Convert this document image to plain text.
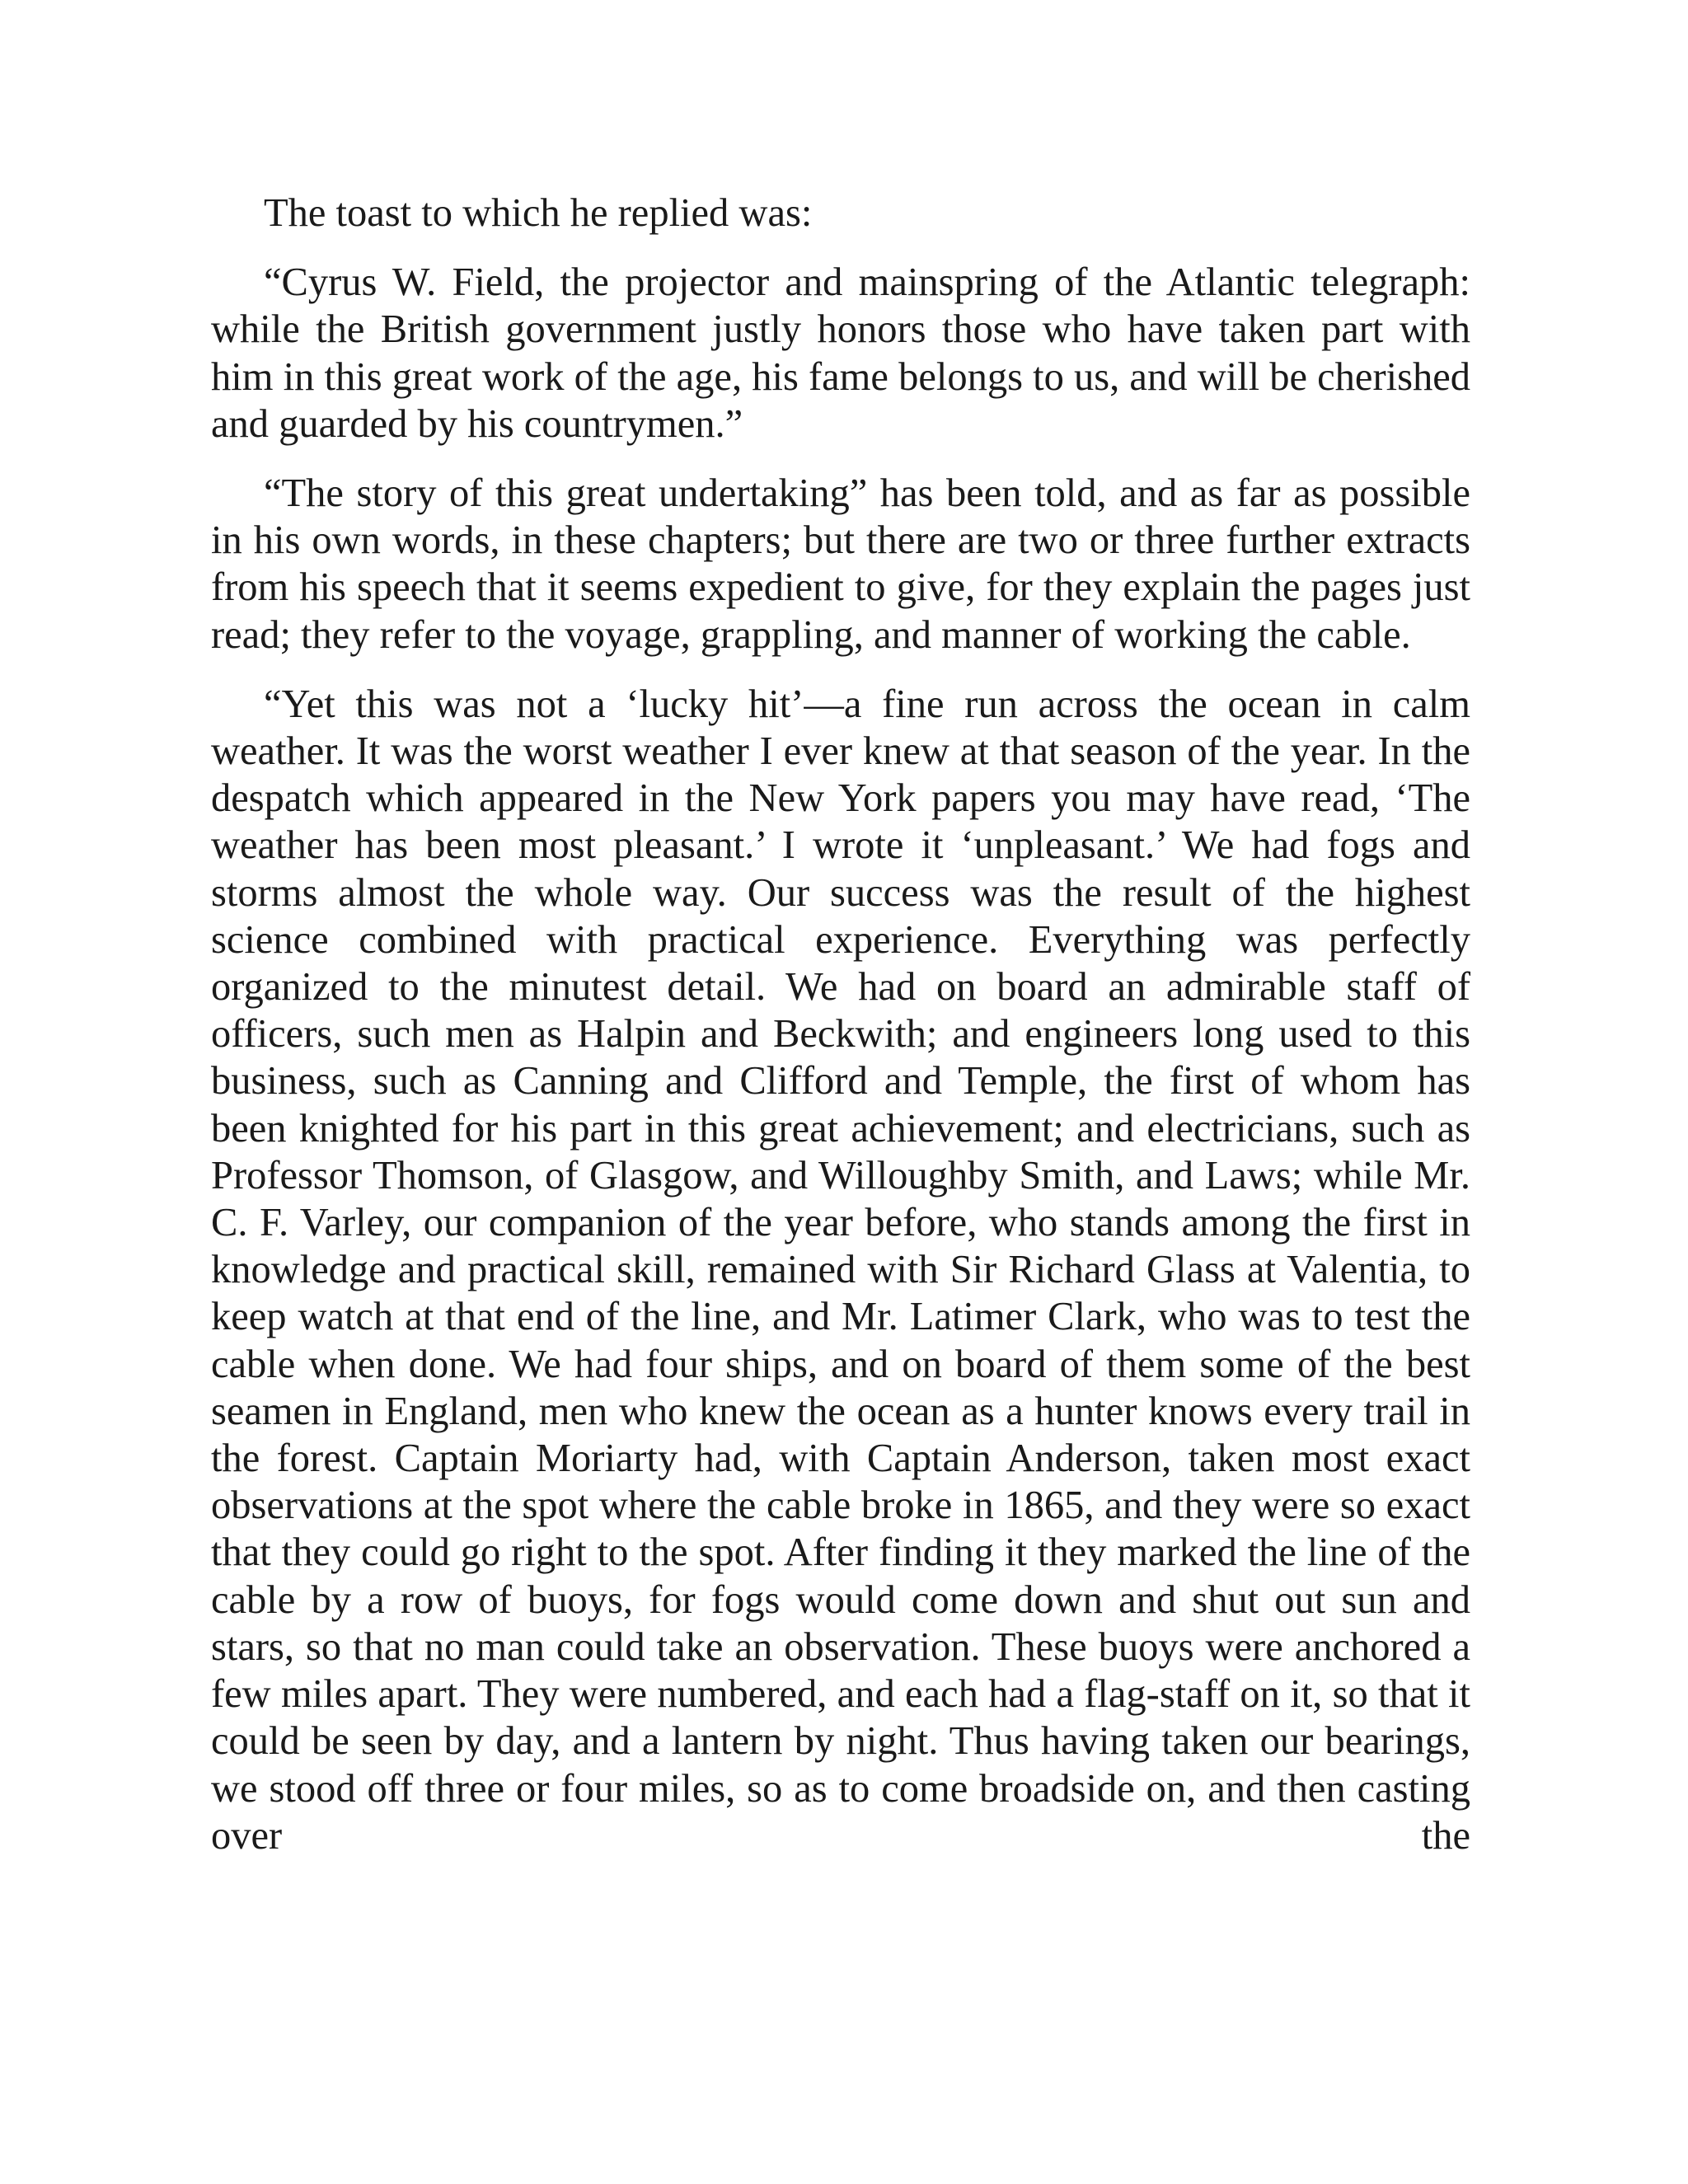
The toast to which he replied was:

“Cyrus W. Field, the projector and mainspring of the Atlantic telegraph: while the British government justly honors those who have taken part with him in this great work of the age, his fame belongs to us, and will be cherished and guarded by his countrymen.”

“The story of this great undertaking” has been told, and as far as possible in his own words, in these chapters; but there are two or three further extracts from his speech that it seems expedient to give, for they explain the pages just read; they refer to the voyage, grappling, and manner of working the cable.

“Yet this was not a ‘lucky hit’—a fine run across the ocean in calm weather. It was the worst weather I ever knew at that season of the year. In the despatch which appeared in the New York papers you may have read, ‘The weather has been most pleasant.’ I wrote it ‘unpleasant.’ We had fogs and storms almost the whole way. Our success was the result of the highest science combined with practical experience. Everything was perfectly organized to the minutest detail. We had on board an admirable staff of officers, such men as Halpin and Beckwith; and engineers long used to this business, such as Canning and Clifford and Temple, the first of whom has been knighted for his part in this great achievement; and electricians, such as Professor Thomson, of Glasgow, and Willoughby Smith, and Laws; while Mr. C. F. Varley, our companion of the year before, who stands among the first in knowledge and practical skill, remained with Sir Richard Glass at Valentia, to keep watch at that end of the line, and Mr. Latimer Clark, who was to test the cable when done. We had four ships, and on board of them some of the best seamen in England, men who knew the ocean as a hunter knows every trail in the forest. Captain Moriarty had, with Captain Anderson, taken most exact observations at the spot where the cable broke in 1865, and they were so exact that they could go right to the spot. After finding it they marked the line of the cable by a row of buoys, for fogs would come down and shut out sun and stars, so that no man could take an observation. These buoys were anchored a few miles apart. They were numbered, and each had a flag-staff on it, so that it could be seen by day, and a lantern by night. Thus having taken our bearings, we stood off three or four miles, so as to come broadside on, and then casting over the
